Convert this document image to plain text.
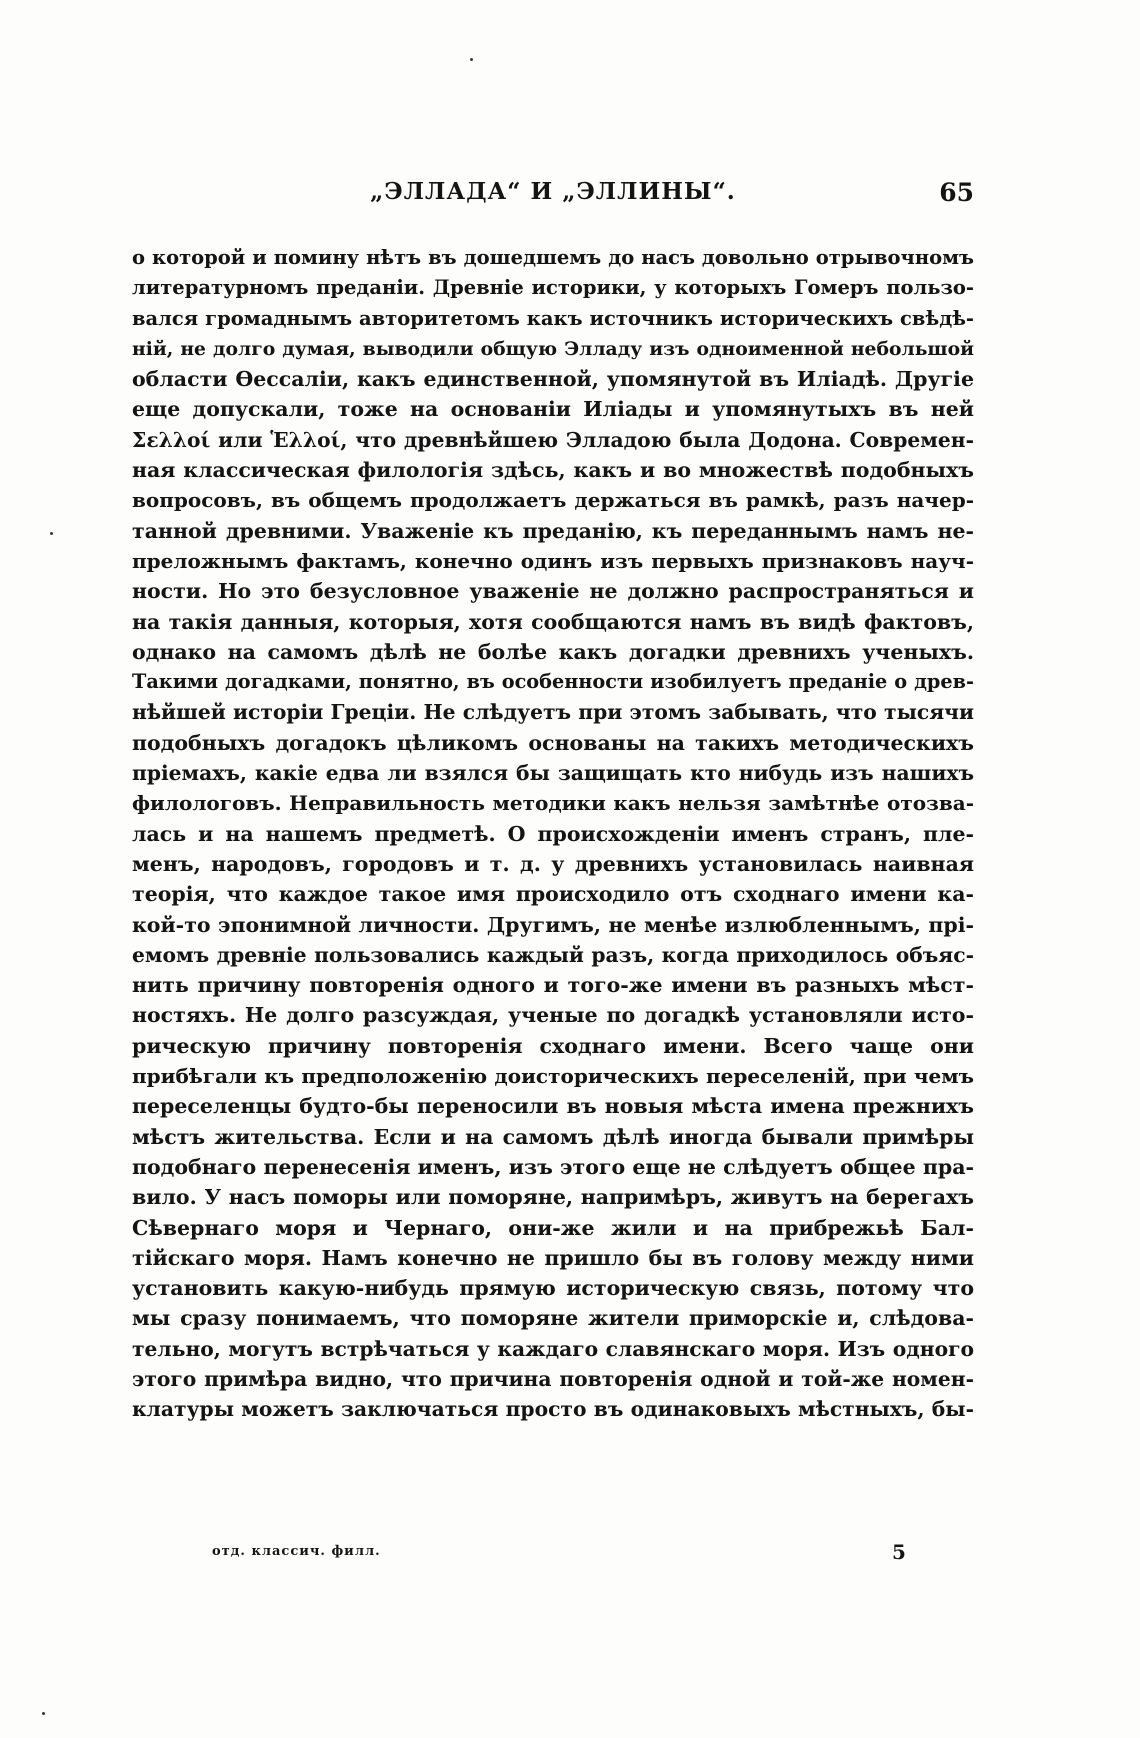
„ЭЛЛАДА“ И „ЭЛЛИНЫ“.	65
о которой и помину нѣтъ въ дошедшемъ до насъ довольно отрывочномъ
литературномъ преданіи. Древніе историки, у которыхъ Гомеръ пользо-
вался громаднымъ авторитетомъ какъ источникъ историческихъ свѣдѣ-
ній, не долго думая, выводили общую Элладу изъ одноименной небольшой
области Өессаліи, какъ единственной, упомянутой въ Иліадѣ. Другіе
еще допускали, тоже на основаніи Иліады и упомянутыхъ въ ней
Σελλοί или Ἑλλοί, что древнѣйшею Элладою была Додона. Современ-
ная классическая филологія здѣсь, какъ и во множествѣ подобныхъ
вопросовъ, въ общемъ продолжаетъ держаться въ рамкѣ, разъ начер-
танной древними. Уваженіе къ преданію, къ переданнымъ намъ не-
преложнымъ фактамъ, конечно одинъ изъ первыхъ признаковъ науч-
ности. Но это безусловное уваженіе не должно распространяться и
на такія данныя, которыя, хотя сообщаются намъ въ видѣ фактовъ,
однако на самомъ дѣлѣ не болѣе какъ догадки древнихъ ученыхъ.
Такими догадками, понятно, въ особенности изобилуетъ преданіе о древ-
нѣйшей исторіи Греціи. Не слѣдуетъ при этомъ забывать, что тысячи
подобныхъ догадокъ цѣликомъ основаны на такихъ методическихъ
пріемахъ, какіе едва ли взялся бы защищать кто нибудь изъ нашихъ
филологовъ. Неправильность методики какъ нельзя замѣтнѣе отозва-
лась и на нашемъ предметѣ. О происхожденіи именъ странъ, пле-
менъ, народовъ, городовъ и т. д. у древнихъ установилась наивная
теорія, что каждое такое имя происходило отъ сходнаго имени ка-
кой-то эпонимной личности. Другимъ, не менѣе излюбленнымъ, прі-
емомъ древніе пользовались каждый разъ, когда приходилось объяс-
нить причину повторенія одного и того-же имени въ разныхъ мѣст-
ностяхъ. Не долго разсуждая, ученые по догадкѣ установляли исто-
рическую причину повторенія сходнаго имени. Всего чаще они
прибѣгали къ предположенію доисторическихъ переселеній, при чемъ
переселенцы будто-бы переносили въ новыя мѣста имена прежнихъ
мѣстъ жительства. Если и на самомъ дѣлѣ иногда бывали примѣры
подобнаго перенесенія именъ, изъ этого еще не слѣдуетъ общее пра-
вило. У насъ поморы или поморяне, напримѣръ, живутъ на берегахъ
Сѣвернаго моря и Чернаго, они-же жили и на прибрежьѣ Бал-
тійскаго моря. Намъ конечно не пришло бы въ голову между ними
установить какую-нибудь прямую историческую связь, потому что
мы сразу понимаемъ, что поморяне жители приморскіе и, слѣдова-
тельно, могутъ встрѣчаться у каждаго славянскаго моря. Изъ одного
этого примѣра видно, что причина повторенія одной и той-же номен-
клатуры можетъ заключаться просто въ одинаковыхъ мѣстныхъ, бы-
отд. классич. филл.	5
